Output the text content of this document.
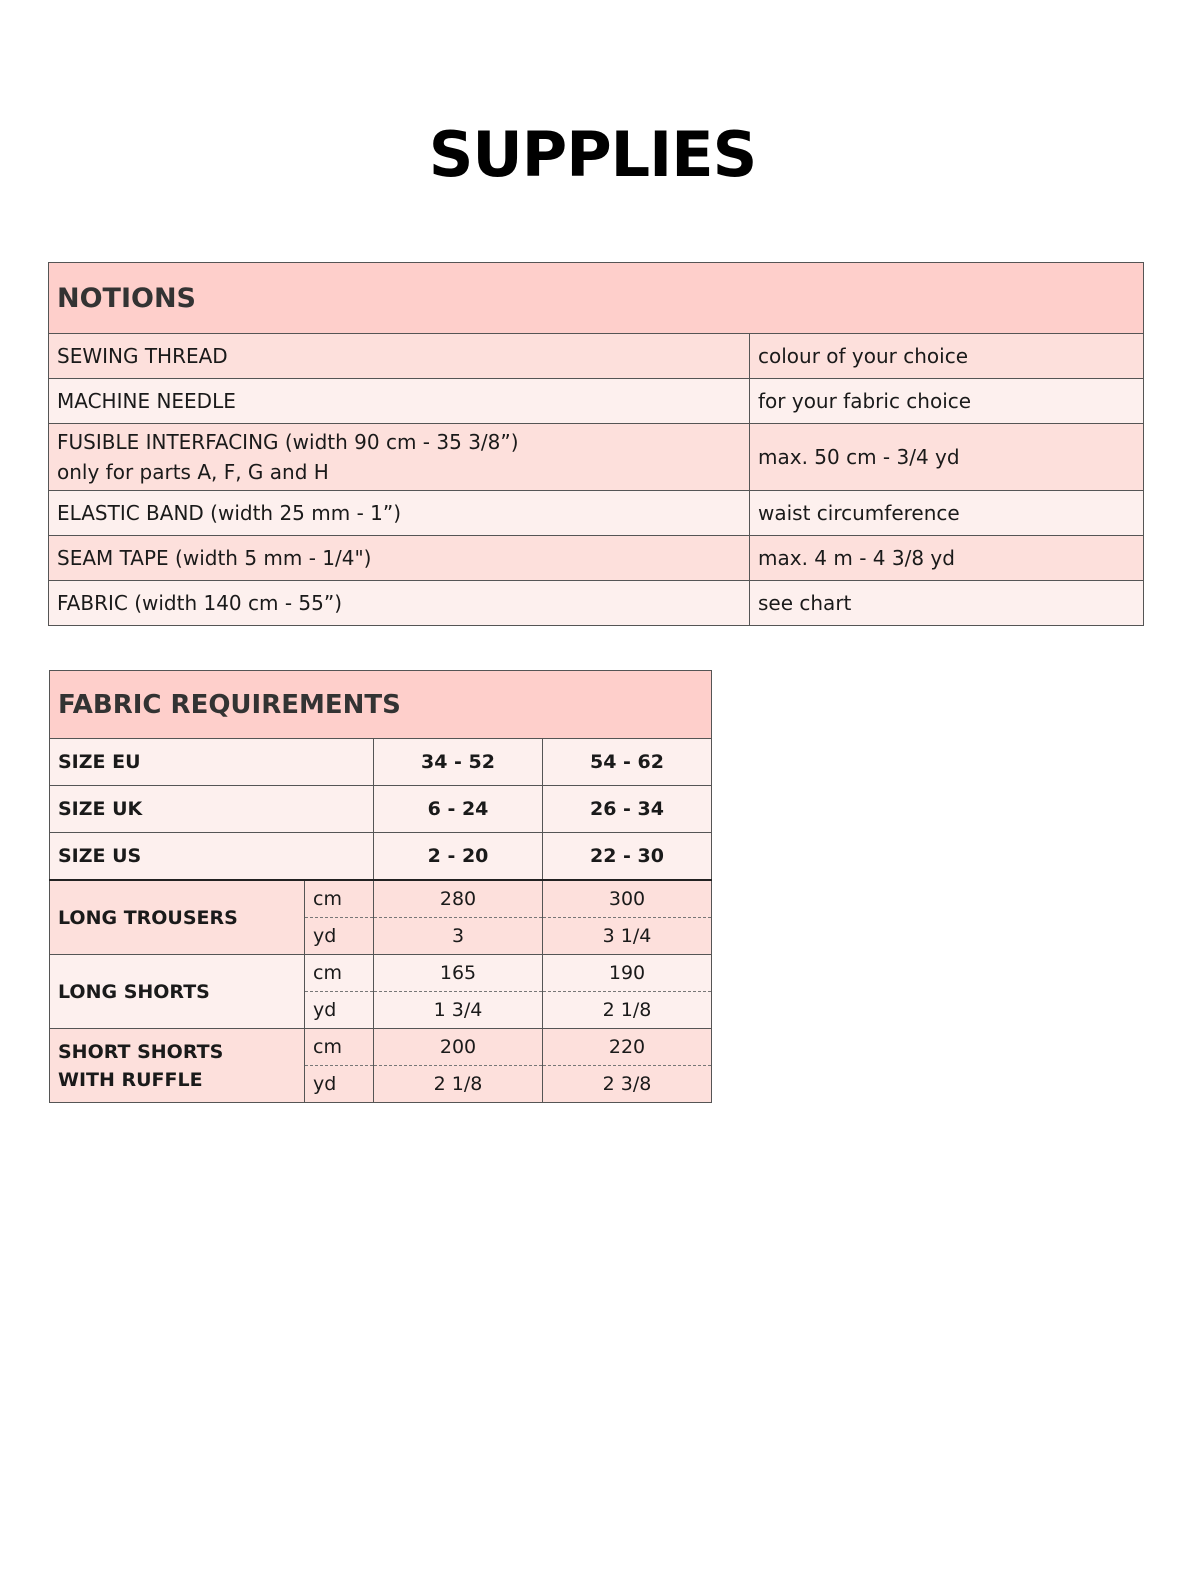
SUPPLIES
NOTIONS	
SEWING THREAD	colour of your choice
MACHINE NEEDLE	for your fabric choice

FUSIBLE INTERFACING (width 90 cm - 35 3/8”)
only for parts A, F, G and H	max. 50 cm - 3/4 yd
ELASTIC BAND (width 25 mm - 1”)	waist circumference
SEAM TAPE (width 5 mm - 1/4")	max. 4 m - 4 3/8 yd
FABRIC (width 140 cm - 55”)	see chart
FABRIC REQUIREMENTS			
SIZE EU		34 - 52	54 - 62
SIZE UK		6 - 24	26 - 34
SIZE US		2 - 20	22 - 30
LONG TROUSERS	cm	280	300
	yd	3	3 1/4
LONG SHORTS	cm	165	190
	yd	1 3/4	2 1/8

SHORT SHORTS
WITH RUFFLE	cm	200	220
	yd	2 1/8	2 3/8
